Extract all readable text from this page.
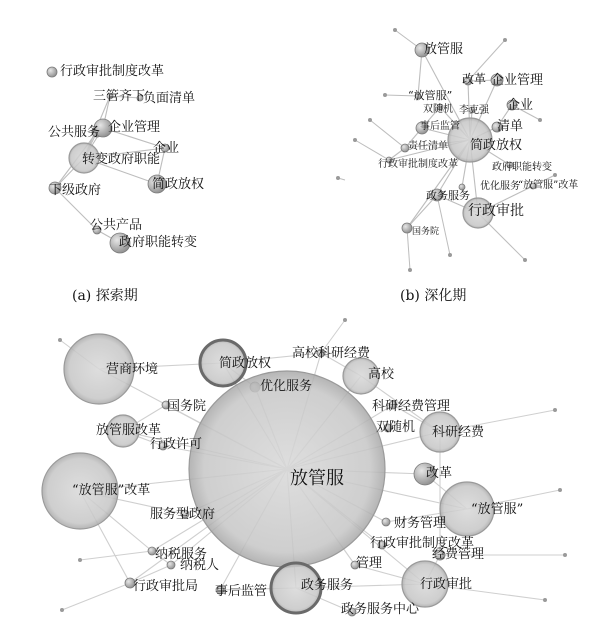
行政审批制度改革
三管齐下
负面清单
公共服务 企业管理
企业
转变政府职能
下级政府	简政放权
公共产品
政府职能转变
放管服
改革 企业管理
“放管服”
企业
双随机 李克强
清单
事后监管
简政放权
责任清单
行政审批制度改革	政府职能转变
优化服务
“放管服”改革
政务服务
行政审批
国务院
营商环境	简政放权
高校科研经费
高校
优化服务
国务院	科研经费管理
放管服改革
行政许可
双随机 科研经费
放管服	改革
“放管服”改革
服务型政府	“放管服”
财务管理
行政审批制度改革
纳税服务	经费管理
纳税人	管理
行政审批局 事后监管	政务服务	行政审批
政务服务中心
(a) 探索期	(b) 深化期
